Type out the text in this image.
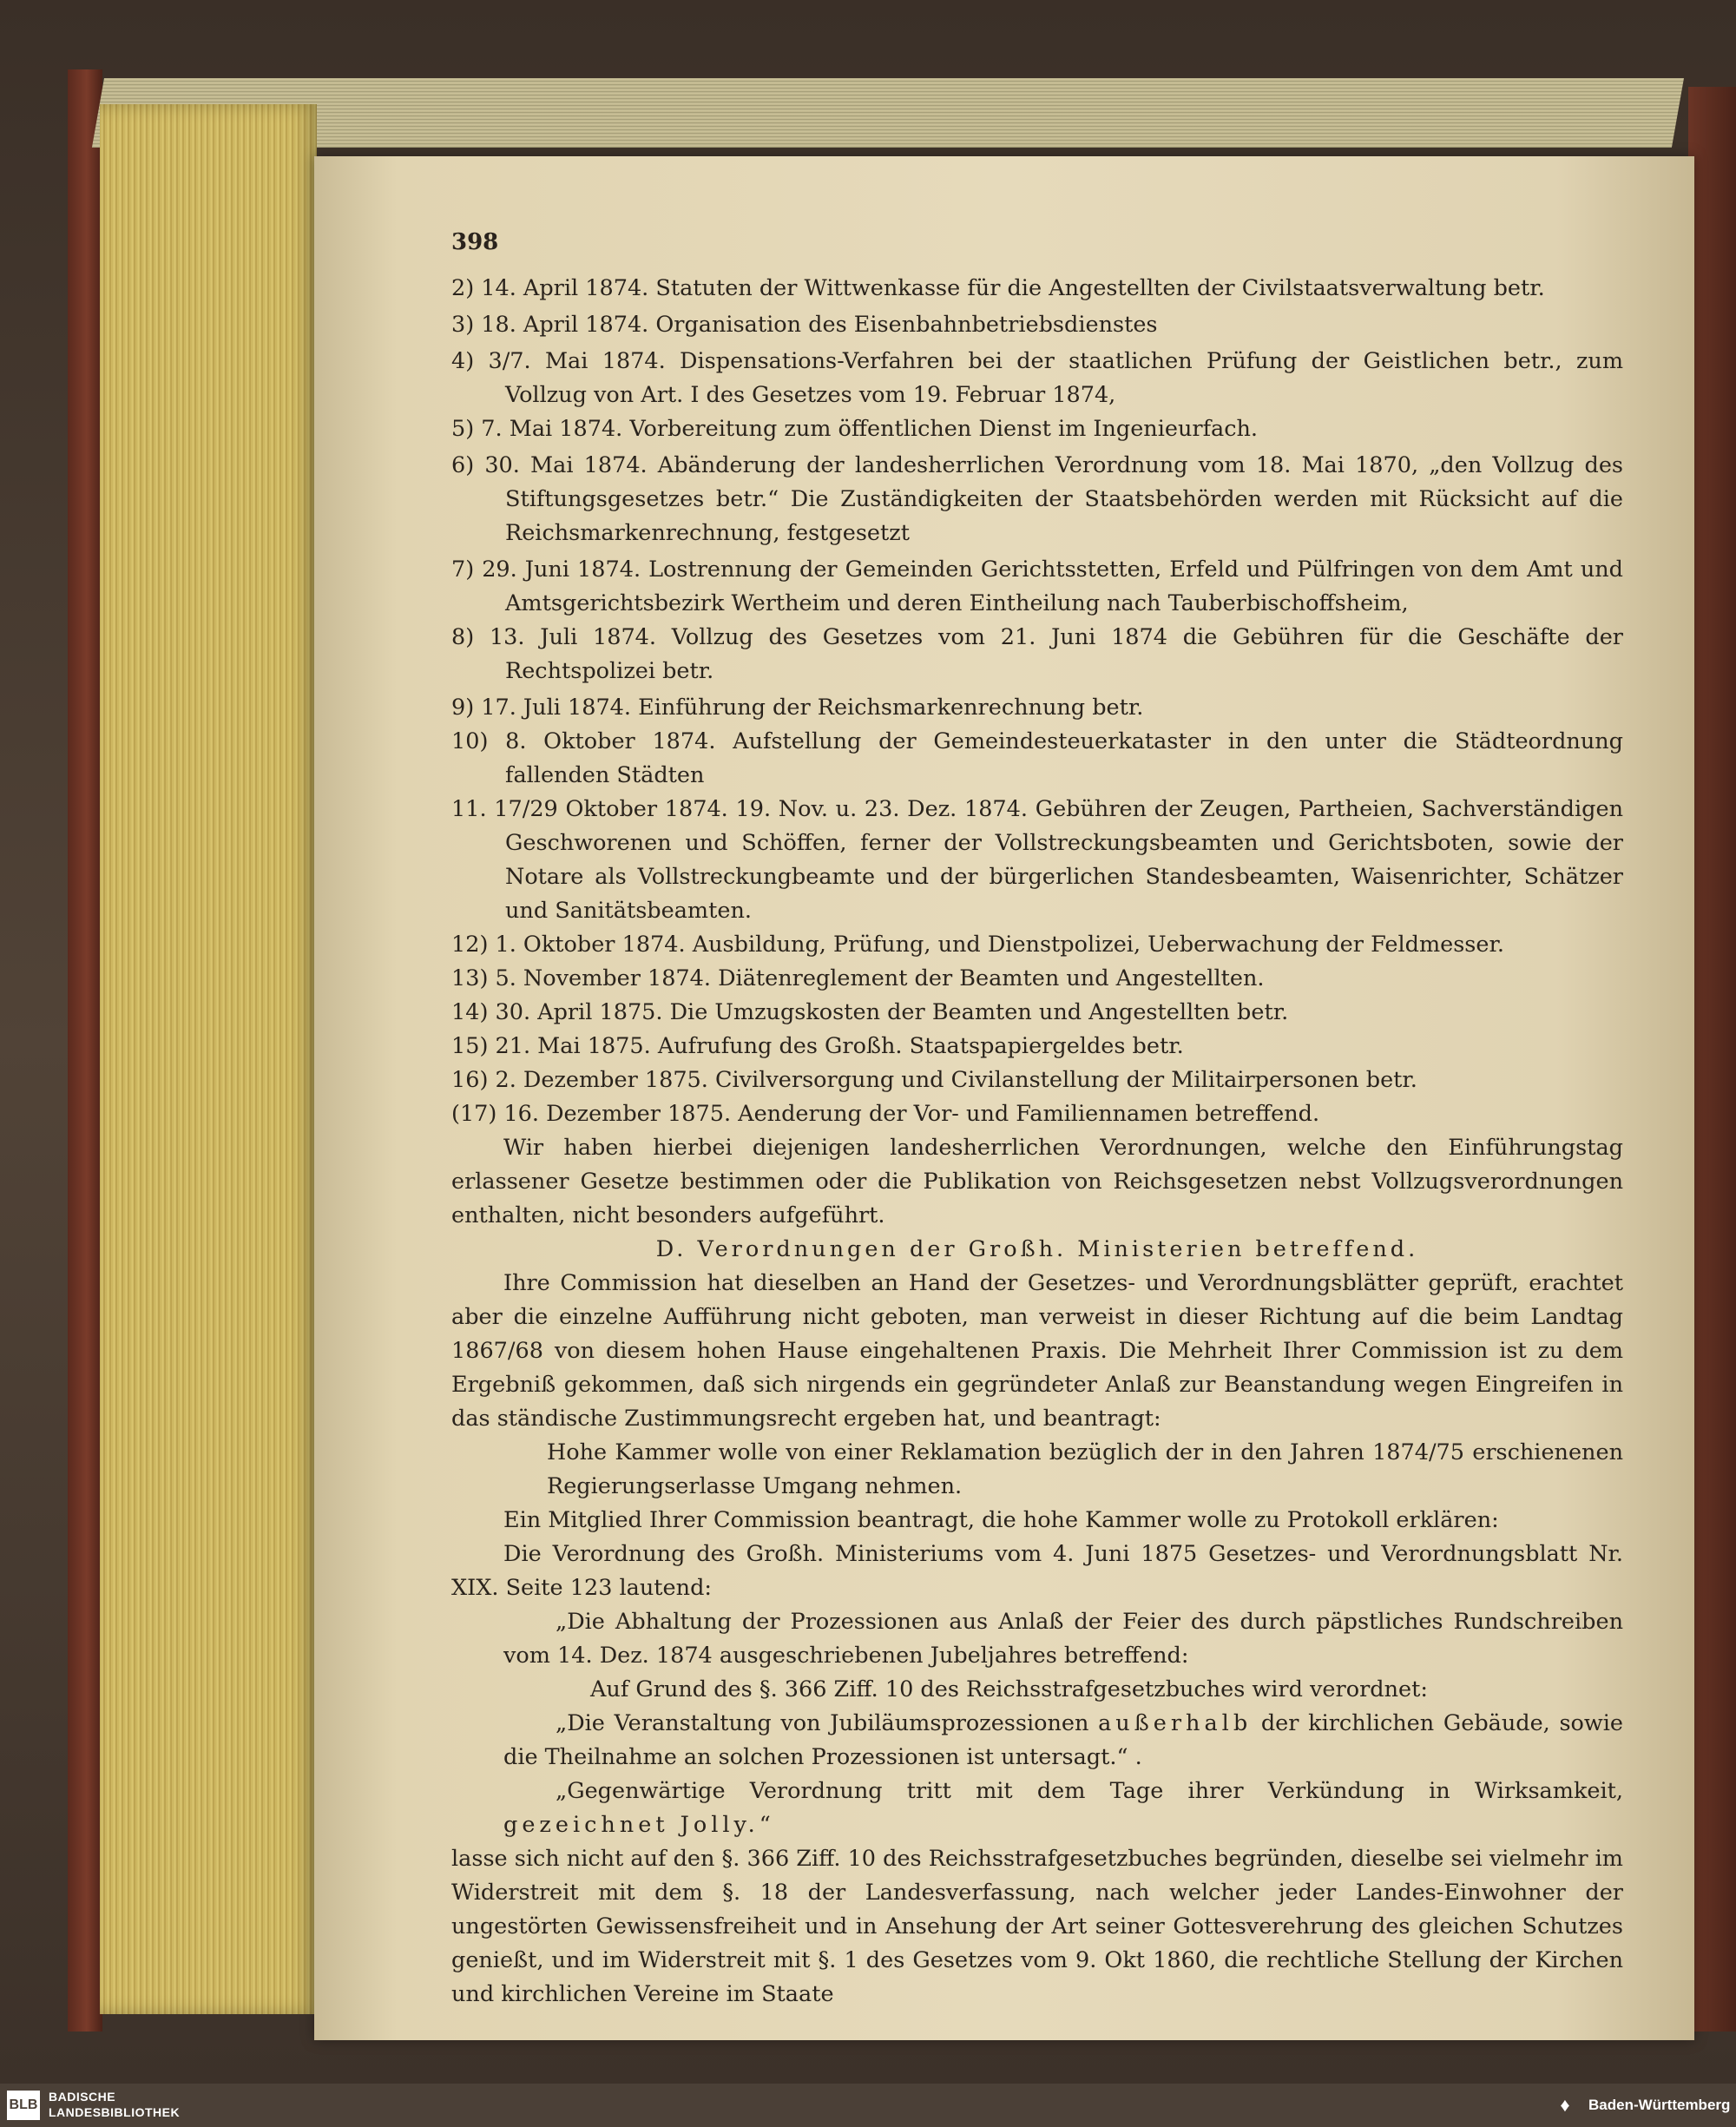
398

2) 14. April 1874. Statuten der Wittwenkasse für die Angestellten der Civilstaatsverwaltung betr.

3) 18. April 1874. Organisation des Eisenbahnbetriebsdienstes

4) 3/7. Mai 1874. Dispensations-Verfahren bei der staatlichen Prüfung der Geistlichen betr., zum Vollzug von Art. I des Gesetzes vom 19. Februar 1874,

5) 7. Mai 1874. Vorbereitung zum öffentlichen Dienst im Ingenieurfach.

6) 30. Mai 1874. Abänderung der landesherrlichen Verordnung vom 18. Mai 1870, „den Vollzug des Stiftungsgesetzes betr.“ Die Zuständigkeiten der Staatsbehörden werden mit Rücksicht auf die Reichsmarkenrechnung, festgesetzt

7) 29. Juni 1874. Lostrennung der Gemeinden Gerichtsstetten, Erfeld und Pülfringen von dem Amt und Amtsgerichtsbezirk Wertheim und deren Eintheilung nach Tauberbischoffsheim,

8) 13. Juli 1874. Vollzug des Gesetzes vom 21. Juni 1874 die Gebühren für die Geschäfte der Rechtspolizei betr.

9) 17. Juli 1874. Einführung der Reichsmarkenrechnung betr.

10) 8. Oktober 1874. Aufstellung der Gemeindesteuerkataster in den unter die Städteordnung fallenden Städten

11. 17/29 Oktober 1874. 19. Nov. u. 23. Dez. 1874. Gebühren der Zeugen, Partheien, Sachverständigen Geschworenen und Schöffen, ferner der Vollstreckungsbeamten und Gerichtsboten, sowie der Notare als Vollstreckungbeamte und der bürgerlichen Standesbeamten, Waisenrichter, Schätzer und Sanitätsbeamten.

12) 1. Oktober 1874. Ausbildung, Prüfung, und Dienstpolizei, Ueberwachung der Feldmesser.

13) 5. November 1874. Diätenreglement der Beamten und Angestellten.

14) 30. April 1875. Die Umzugskosten der Beamten und Angestellten betr.

15) 21. Mai 1875. Aufrufung des Großh. Staatspapiergeldes betr.

16) 2. Dezember 1875. Civilversorgung und Civilanstellung der Militairpersonen betr.

(17) 16. Dezember 1875. Aenderung der Vor- und Familiennamen betreffend.

Wir haben hierbei diejenigen landesherrlichen Verordnungen, welche den Einführungstag erlassener Gesetze bestimmen oder die Publikation von Reichsgesetzen nebst Vollzugsverordnungen enthalten, nicht besonders aufgeführt.

D. Verordnungen der Großh. Ministerien betreffend.

Ihre Commission hat dieselben an Hand der Gesetzes- und Verordnungsblätter geprüft, erachtet aber die einzelne Aufführung nicht geboten, man verweist in dieser Richtung auf die beim Landtag 1867/68 von diesem hohen Hause eingehaltenen Praxis. Die Mehrheit Ihrer Commission ist zu dem Ergebniß gekommen, daß sich nirgends ein gegründeter Anlaß zur Beanstandung wegen Eingreifen in das ständische Zustimmungsrecht ergeben hat, und beantragt:

Hohe Kammer wolle von einer Reklamation bezüglich der in den Jahren 1874/75 erschienenen Regierungserlasse Umgang nehmen.

Ein Mitglied Ihrer Commission beantragt, die hohe Kammer wolle zu Protokoll erklären:

Die Verordnung des Großh. Ministeriums vom 4. Juni 1875 Gesetzes- und Verordnungsblatt Nr. XIX. Seite 123 lautend:

„Die Abhaltung der Prozessionen aus Anlaß der Feier des durch päpstliches Rundschreiben vom 14. Dez. 1874 ausgeschriebenen Jubeljahres betreffend:

Auf Grund des §. 366 Ziff. 10 des Reichsstrafgesetzbuches wird verordnet:

„Die Veranstaltung von Jubiläumsprozessionen außerhalb der kirchlichen Gebäude, sowie die Theilnahme an solchen Prozessionen ist untersagt.“ .

„Gegenwärtige Verordnung tritt mit dem Tage ihrer Verkündung in Wirksamkeit, gezeichnet Jolly.“

lasse sich nicht auf den §. 366 Ziff. 10 des Reichsstrafgesetzbuches begründen, dieselbe sei vielmehr im Widerstreit mit dem §. 18 der Landesverfassung, nach welcher jeder Landes-Einwohner der ungestörten Gewissensfreiheit und in Ansehung der Art seiner Gottesverehrung des gleichen Schutzes genießt, und im Widerstreit mit §. 1 des Gesetzes vom 9. Okt 1860, die rechtliche Stellung der Kirchen und kirchlichen Vereine im Staate

BLB
BADISCHE
LANDESBIBLIOTHEK	♦	Baden-Württemberg
